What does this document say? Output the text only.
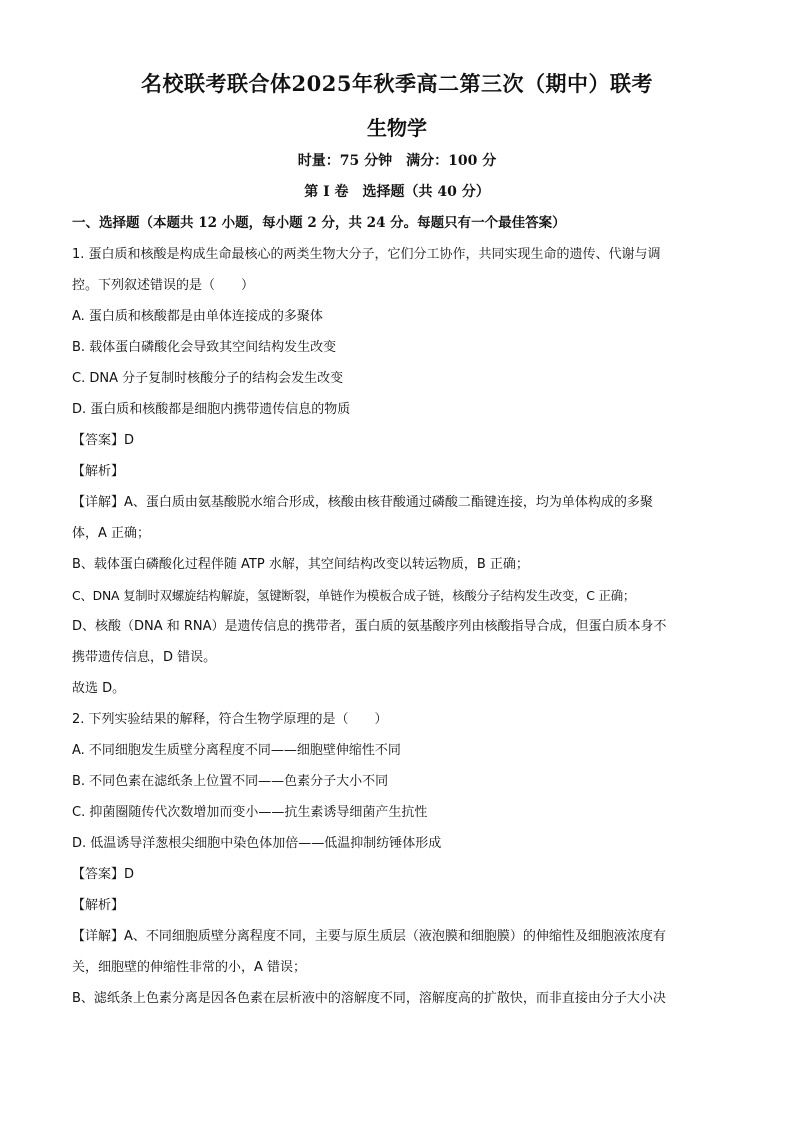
名校联考联合体2025年秋季高二第三次（期中）联考
生物学
时量：75 分钟　满分：100 分
第 I 卷　选择题（共 40 分）

一、选择题（本题共 12 小题，每小题 2 分，共 24 分。每题只有一个最佳答案）

1. 蛋白质和核酸是构成生命最核心的两类生物大分子，它们分工协作，共同实现生命的遗传、代谢与调

控。下列叙述错误的是（　　）

A. 蛋白质和核酸都是由单体连接成的多聚体

B. 载体蛋白磷酸化会导致其空间结构发生改变

C. DNA 分子复制时核酸分子的结构会发生改变

D. 蛋白质和核酸都是细胞内携带遗传信息的物质

【答案】D

【解析】

【详解】A、蛋白质由氨基酸脱水缩合形成，核酸由核苷酸通过磷酸二酯键连接，均为单体构成的多聚

体，A 正确；

B、载体蛋白磷酸化过程伴随 ATP 水解，其空间结构改变以转运物质，B 正确；

C、DNA 复制时双螺旋结构解旋，氢键断裂，单链作为模板合成子链，核酸分子结构发生改变，C 正确；

D、核酸（DNA 和 RNA）是遗传信息的携带者，蛋白质的氨基酸序列由核酸指导合成，但蛋白质本身不

携带遗传信息，D 错误。

故选 D。

2. 下列实验结果的解释，符合生物学原理的是（　　）

A. 不同细胞发生质壁分离程度不同——细胞壁伸缩性不同

B. 不同色素在滤纸条上位置不同——色素分子大小不同

C. 抑菌圈随传代次数增加而变小——抗生素诱导细菌产生抗性

D. 低温诱导洋葱根尖细胞中染色体加倍——低温抑制纺锤体形成

【答案】D

【解析】

【详解】A、不同细胞质壁分离程度不同，主要与原生质层（液泡膜和细胞膜）的伸缩性及细胞液浓度有

关，细胞壁的伸缩性非常的小，A 错误；

B、滤纸条上色素分离是因各色素在层析液中的溶解度不同，溶解度高的扩散快，而非直接由分子大小决
